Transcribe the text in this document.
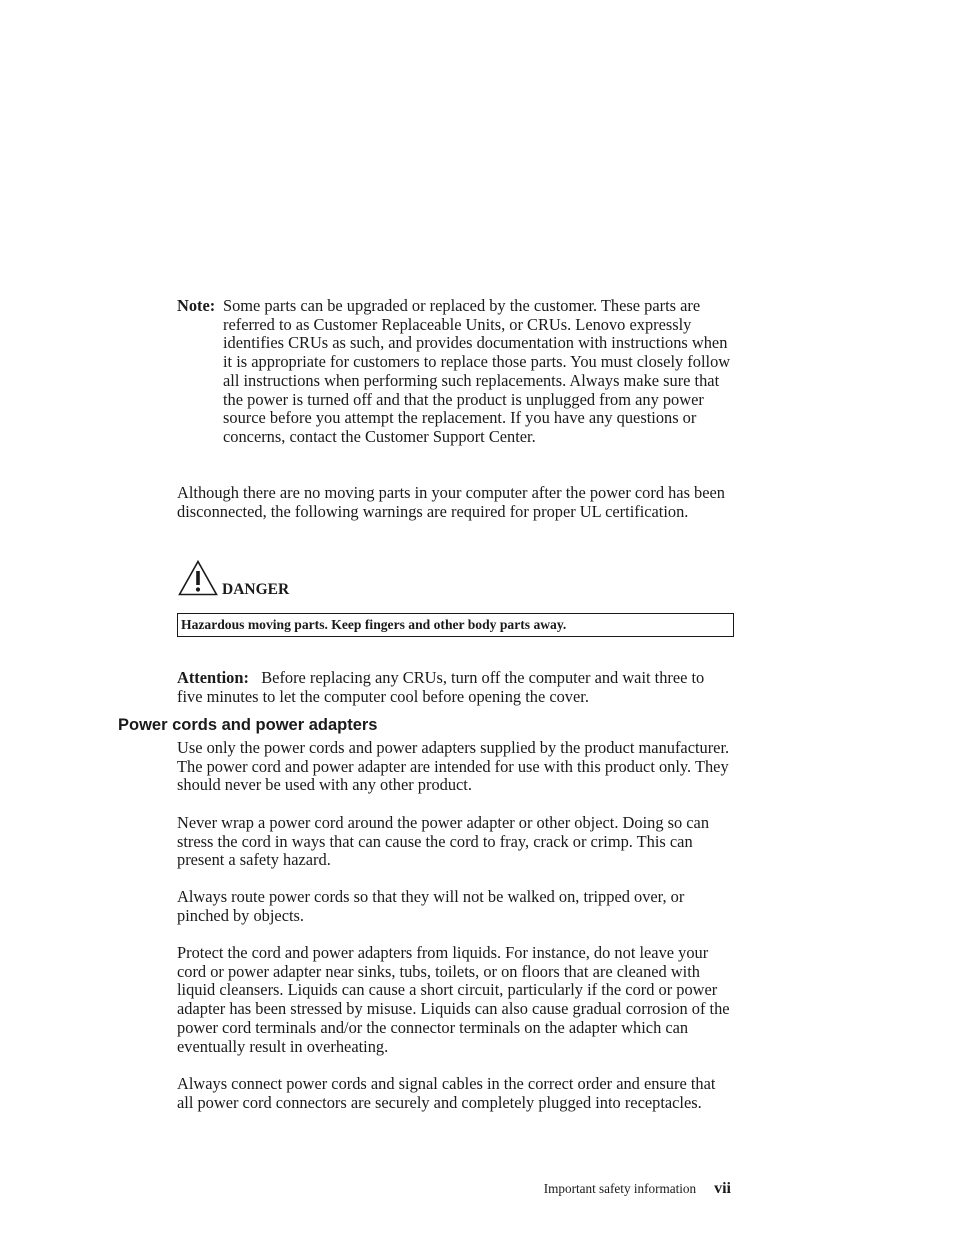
Note: Some parts can be upgraded or replaced by the customer. These parts are referred to as Customer Replaceable Units, or CRUs. Lenovo expressly identifies CRUs as such, and provides documentation with instructions when it is appropriate for customers to replace those parts. You must closely follow all instructions when performing such replacements. Always make sure that the power is turned off and that the product is unplugged from any power source before you attempt the replacement. If you have any questions or concerns, contact the Customer Support Center.

Although there are no moving parts in your computer after the power cord has been disconnected, the following warnings are required for proper UL certification.

DANGER
Hazardous moving parts. Keep fingers and other body parts away.

Attention: Before replacing any CRUs, turn off the computer and wait three to five minutes to let the computer cool before opening the cover.

Power cords and power adapters

Use only the power cords and power adapters supplied by the product manufacturer. The power cord and power adapter are intended for use with this product only. They should never be used with any other product.

Never wrap a power cord around the power adapter or other object. Doing so can stress the cord in ways that can cause the cord to fray, crack or crimp. This can present a safety hazard.

Always route power cords so that they will not be walked on, tripped over, or pinched by objects.

Protect the cord and power adapters from liquids. For instance, do not leave your cord or power adapter near sinks, tubs, toilets, or on floors that are cleaned with liquid cleansers. Liquids can cause a short circuit, particularly if the cord or power adapter has been stressed by misuse. Liquids can also cause gradual corrosion of the power cord terminals and/or the connector terminals on the adapter which can eventually result in overheating.

Always connect power cords and signal cables in the correct order and ensure that all power cord connectors are securely and completely plugged into receptacles.

Important safety information vii
